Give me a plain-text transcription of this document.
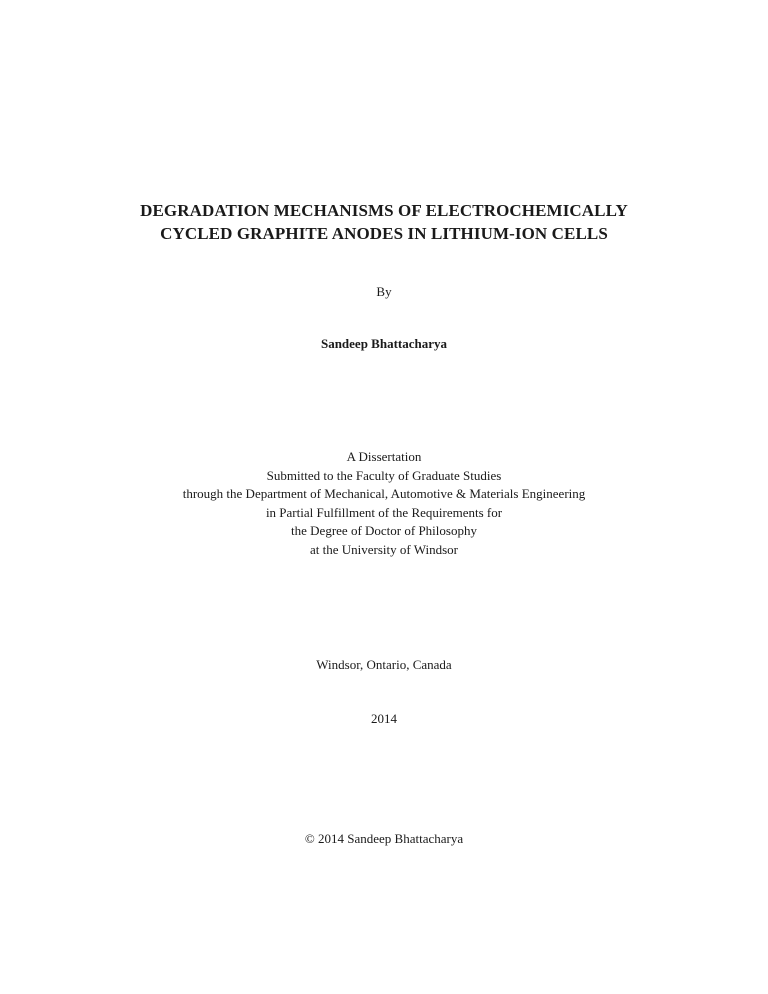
DEGRADATION MECHANISMS OF ELECTROCHEMICALLY
CYCLED GRAPHITE ANODES IN LITHIUM-ION CELLS
By
Sandeep Bhattacharya
A Dissertation
Submitted to the Faculty of Graduate Studies
through the Department of Mechanical, Automotive & Materials Engineering
in Partial Fulfillment of the Requirements for
the Degree of Doctor of Philosophy
at the University of Windsor
Windsor, Ontario, Canada
2014
© 2014 Sandeep Bhattacharya
